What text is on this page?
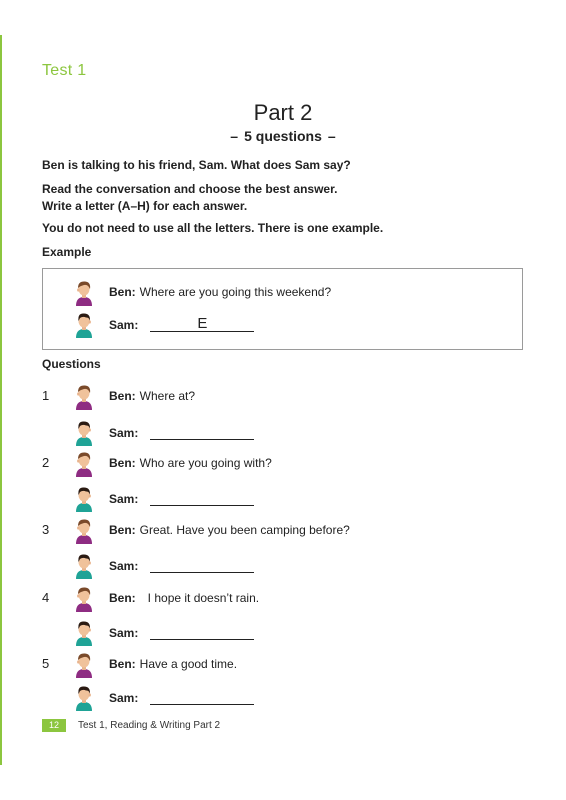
Test 1
Part 2
– 5 questions –
Ben is talking to his friend, Sam. What does Sam say?
Read the conversation and choose the best answer.
Write a letter (A–H) for each answer.
You do not need to use all the letters. There is one example.
Example
Ben: Where are you going this weekend?
Sam:	E
Questions
1	Ben: Where at?
Sam:
2	Ben: Who are you going with?
Sam:
3	Ben: Great. Have you been camping before?
Sam:
4	Ben: I hope it doesn’t rain.
Sam:
5	Ben: Have a good time.
Sam:
12	Test 1, Reading & Writing Part 2
